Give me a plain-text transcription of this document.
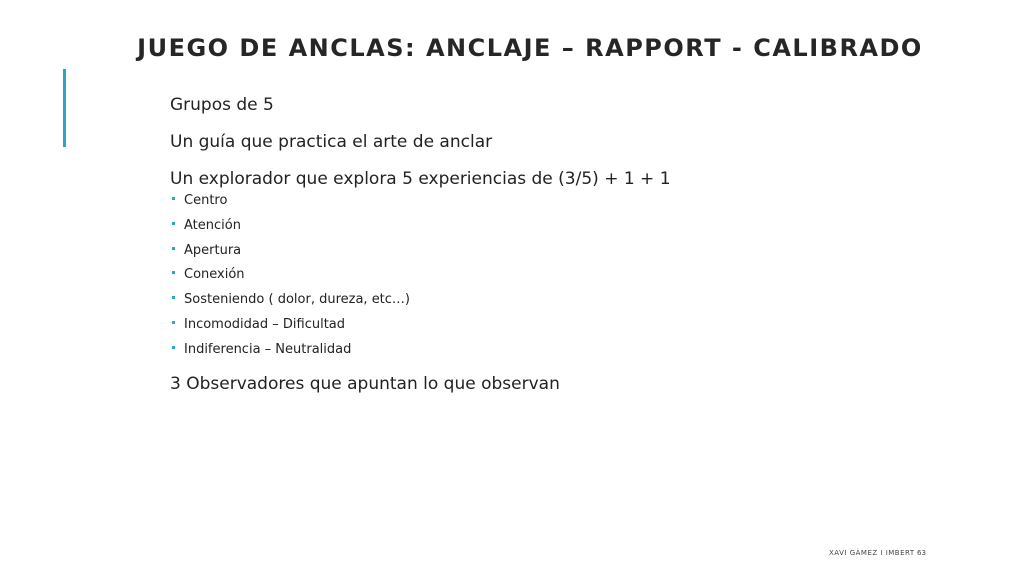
JUEGO DE ANCLAS: ANCLAJE – RAPPORT - CALIBRADO

Grupos de 5

Un guía que practica el arte de anclar

Un explorador que explora 5 experiencias de (3/5) + 1 + 1

Centro
Atención
Apertura
Conexión
Sosteniendo ( dolor, dureza, etc…)
Incomodidad – Dificultad
Indiferencia – Neutralidad

3 Observadores que apuntan lo que observan

XAVI GÀMEZ I IMBERT 63
